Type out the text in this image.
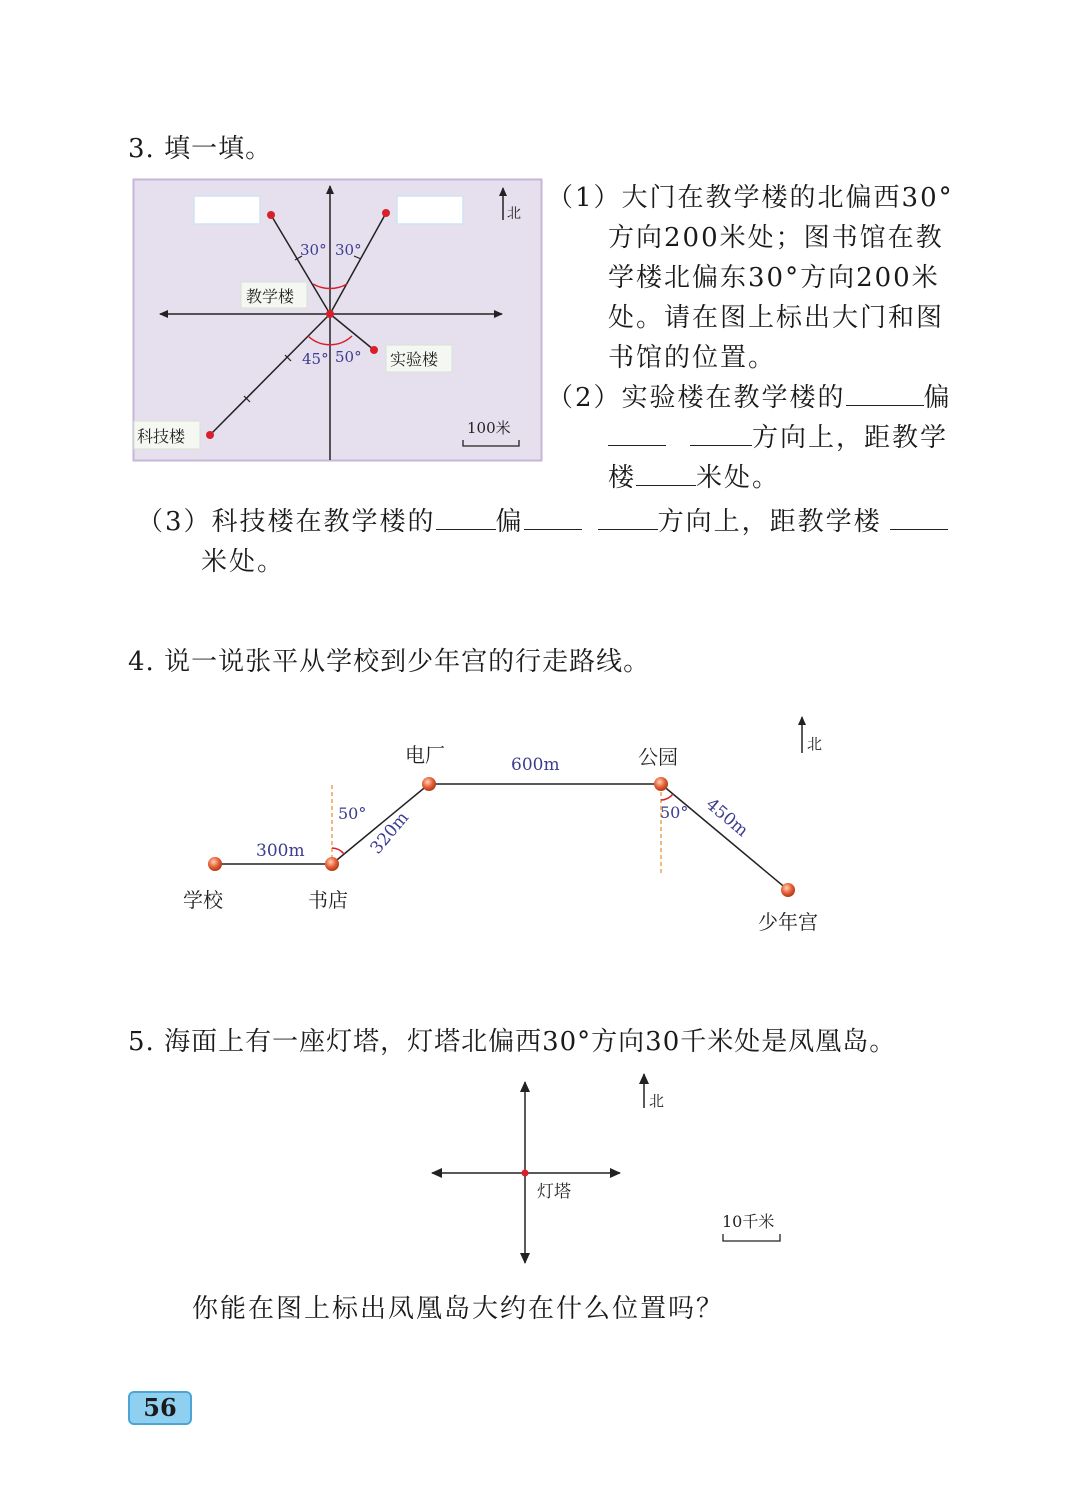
3. 填一填。
30° 30°
45° 50°
教学楼
实验楼
科技楼
北
100米
（1）大门在教学楼的北偏西30°
方向200米处；图书馆在教
学楼北偏东30°方向200米
处。请在图上标出大门和图
书馆的位置。
（2）实验楼在教学楼的	偏
方向上，距教学
楼 米处。
（3）科技楼在教学楼的 偏	方向上，距教学楼
米处。
4. 说一说张平从学校到少年宫的行走路线。
学校	书店
电厂	公园
少年宫
300m
600m
320m	450m
50°	50°
北
5. 海面上有一座灯塔，灯塔北偏西30°方向30千米处是凤凰岛。
灯塔
北
10千米
你能在图上标出凤凰岛大约在什么位置吗？
56
